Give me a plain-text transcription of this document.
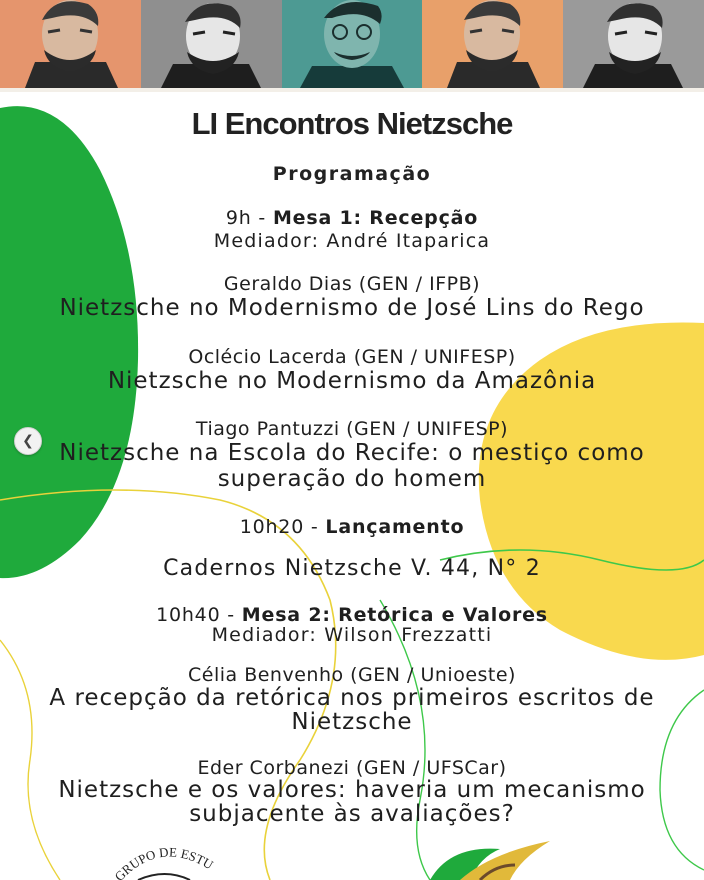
LI Encontros Nietzsche
Programação
9h - Mesa 1: Recepção
Mediador: André Itaparica
Geraldo Dias (GEN / IFPB)
Nietzsche no Modernismo de José Lins do Rego
Oclécio Lacerda (GEN / UNIFESP)
Nietzsche no Modernismo da Amazônia
Tiago Pantuzzi (GEN / UNIFESP)
Nietzsche na Escola do Recife: o mestiço como
superação do homem
10h20 - Lançamento
Cadernos Nietzsche V. 44, N° 2
10h40 - Mesa 2: Retórica e Valores
Mediador: Wilson Frezzatti
Célia Benvenho (GEN / Unioeste)
A recepção da retórica nos primeiros escritos de
Nietzsche
Eder Corbanezi (GEN / UFSCar)
Nietzsche e os valores: haveria um mecanismo
subjacente às avaliações?
❮
GRUPO DE ESTU
